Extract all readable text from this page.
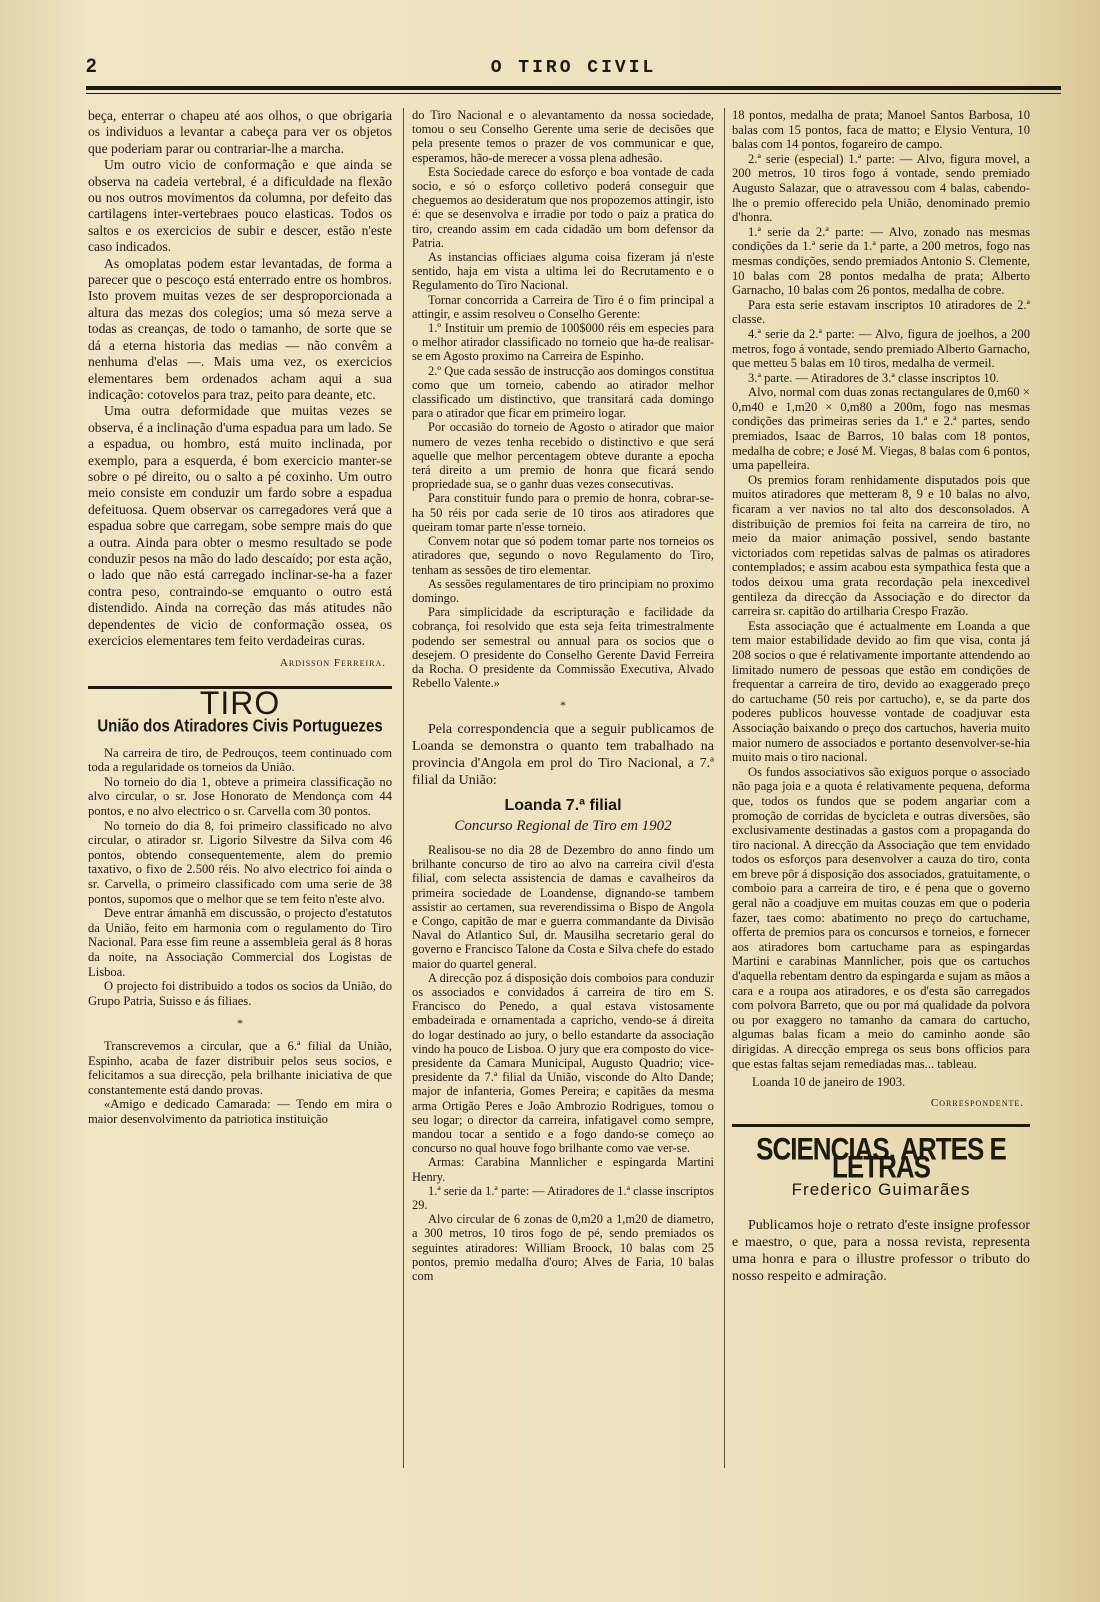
2	O TIRO CIVIL

beça, enterrar o chapeu até aos olhos, o que obrigaria os individuos a levantar a cabeça para ver os objetos que poderiam parar ou contrariar-lhe a marcha.

Um outro vicio de conformação e que ainda se observa na cadeia vertebral, é a dificuldade na flexão ou nos outros movimentos da columna, por defeito das cartilagens inter-vertebraes pouco elasticas. Todos os saltos e os exercicios de subir e descer, estão n'este caso indicados.

As omoplatas podem estar levantadas, de forma a parecer que o pescoço está enterrado entre os hombros. Isto provem muitas vezes de ser desproporcionada a altura das mezas dos colegios; uma só meza serve a todas as creanças, de todo o tamanho, de sorte que se dá a eterna historia das medias — não convêm a nenhuma d'elas —. Mais uma vez, os exercicios elementares bem ordenados acham aqui a sua indicação: cotovelos para traz, peito para deante, etc.

Uma outra deformidade que muitas vezes se observa, é a inclinação d'uma espadua para um lado. Se a espadua, ou hombro, está muito inclinada, por exemplo, para a esquerda, é bom exercicio manter-se sobre o pé direito, ou o salto a pé coxinho. Um outro meio consiste em conduzir um fardo sobre a espadua defeituosa. Quem observar os carregadores verá que a espadua sobre que carregam, sobe sempre mais do que a outra. Ainda para obter o mesmo resultado se pode conduzir pesos na mão do lado descaído; por esta ação, o lado que não está carregado inclinar-se-ha a fazer contra peso, contraindo-se emquanto o outro está distendido. Ainda na correção das más atitudes não dependentes de vicio de conformação ossea, os exercicios elementares tem feito verdadeiras curas.

Ardisson Ferreira.
TIRO
União dos Atiradores Civis Portuguezes

Na carreira de tiro, de Pedrouços, teem continuado com toda a regularidade os torneios da União.

No torneio do dia 1, obteve a primeira classificação no alvo circular, o sr. Jose Honorato de Mendonça com 44 pontos, e no alvo electrico o sr. Carvella com 30 pontos.

No torneio do dia 8, foi primeiro classificado no alvo circular, o atirador sr. Ligorio Silvestre da Silva com 46 pontos, obtendo consequentemente, alem do premio taxativo, o fixo de 2.500 réis. No alvo electrico foi ainda o sr. Carvella, o primeiro classificado com uma serie de 38 pontos, supomos que o melhor que se tem feito n'este alvo.

Deve entrar ámanhã em discussão, o projecto d'estatutos da União, feito em harmonia com o regulamento do Tiro Nacional. Para esse fim reune a assembleia geral ás 8 horas da noite, na Associação Commercial dos Logistas de Lisboa.

O projecto foi distribuido a todos os socios da União, do Grupo Patria, Suisso e ás filiaes.

*

Transcrevemos a circular, que a 6.ª filial da União, Espinho, acaba de fazer distribuir pelos seus socios, e felicitamos a sua direcção, pela brilhante iniciativa de que constantemente está dando provas.

«Amigo e dedicado Camarada: — Tendo em mira o maior desenvolvimento da patriotica instituição

do Tiro Nacional e o alevantamento da nossa sociedade, tomou o seu Conselho Gerente uma serie de decisões que pela presente temos o prazer de vos communicar e que, esperamos, hão-de merecer a vossa plena adhesão.

Esta Sociedade carece do esforço e boa vontade de cada socio, e só o esforço colletivo poderá conseguir que cheguemos ao desideratum que nos propozemos attingir, isto é: que se desenvolva e irradie por todo o paiz a pratica do tiro, creando assim em cada cidadão um bom defensor da Patria.

As instancias officiaes alguma coisa fizeram já n'este sentido, haja em vista a ultima lei do Recrutamento e o Regulamento do Tiro Nacional.

Tornar concorrida a Carreira de Tiro é o fim principal a attingir, e assim resolveu o Conselho Gerente:

1.º Instituir um premio de 100$000 réis em especies para o melhor atirador classificado no torneio que ha-de realisar-se em Agosto proximo na Carreira de Espinho.

2.º Que cada sessão de instrucção aos domingos constitua como que um torneio, cabendo ao atirador melhor classificado um distinctivo, que transitará cada domingo para o atirador que ficar em primeiro logar.

Por occasião do torneio de Agosto o atirador que maior numero de vezes tenha recebido o distinctivo e que será aquelle que melhor percentagem obteve durante a epocha terá direito a um premio de honra que ficará sendo propriedade sua, se o ganhr duas vezes consecutivas.

Para constituir fundo para o premio de honra, cobrar-se-ha 50 réis por cada serie de 10 tiros aos atiradores que queiram tomar parte n'esse torneio.

Convem notar que só podem tomar parte nos torneios os atiradores que, segundo o novo Regulamento do Tiro, tenham as sessões de tiro elementar.

As sessões regulamentares de tiro principiam no proximo domingo.

Para simplicidade da escripturação e facilidade da cobrança, foi resolvido que esta seja feita trimestralmente podendo ser semestral ou annual para os socios que o desejem. O presidente do Conselho Gerente David Ferreira da Rocha. O presidente da Commissão Executiva, Alvado Rebello Valente.»

*

Pela correspondencia que a seguir publicamos de Loanda se demonstra o quanto tem trabalhado na provincia d'Angola em prol do Tiro Nacional, a 7.ª filial da União:

Loanda 7.ª filial
Concurso Regional de Tiro em 1902

Realisou-se no dia 28 de Dezembro do anno findo um brilhante concurso de tiro ao alvo na carreira civil d'esta filial, com selecta assistencia de damas e cavalheiros da primeira sociedade de Loandense, dignando-se tambem assistir ao certamen, sua reverendissima o Bispo de Angola e Congo, capitão de mar e guerra commandante da Divisão Naval do Atlantico Sul, dr. Mausilha secretario geral do governo e Francisco Talone da Costa e Silva chefe do estado maior do quartel general.

A direcção poz á disposição dois comboios para conduzir os associados e convidados á carreira de tiro em S. Francisco do Penedo, a qual estava vistosamente embadeirada e ornamentada a capricho, vendo-se á direita do logar destinado ao jury, o bello estandarte da associação vindo ha pouco de Lisboa. O jury que era composto do vice-presidente da Camara Municipal, Augusto Quadrio; vice-presidente da 7.ª filial da União, visconde do Alto Dande; major de infanteria, Gomes Pereira; e capitães da mesma arma Ortigão Peres e João Ambrozio Rodrigues, tomou o seu logar; o director da carreira, infatigavel como sempre, mandou tocar a sentido e a fogo dando-se começo ao concurso no qual houve fogo brilhante como vae ver-se.

Armas: Carabina Mannlicher e espingarda Martini Henry.

1.ª serie da 1.ª parte: — Atiradores de 1.ª classe inscriptos 29.

Alvo circular de 6 zonas de 0,m20 a 1,m20 de diametro, a 300 metros, 10 tiros fogo de pé, sendo premiados os seguintes atiradores: William Broock, 10 balas com 25 pontos, premio medalha d'ouro; Alves de Faria, 10 balas com

18 pontos, medalha de prata; Manoel Santos Barbosa, 10 balas com 15 pontos, faca de matto; e Elysio Ventura, 10 balas com 14 pontos, fogareiro de campo.

2.ª serie (especial) 1.ª parte: — Alvo, figura movel, a 200 metros, 10 tiros fogo á vontade, sendo premiado Augusto Salazar, que o atravessou com 4 balas, cabendo-lhe o premio offerecido pela União, denominado premio d'honra.

1.ª serie da 2.ª parte: — Alvo, zonado nas mesmas condições da 1.ª serie da 1.ª parte, a 200 metros, fogo nas mesmas condições, sendo premiados Antonio S. Clemente, 10 balas com 28 pontos medalha de prata; Alberto Garnacho, 10 balas com 26 pontos, medalha de cobre.

Para esta serie estavam inscriptos 10 atiradores de 2.ª classe.

4.ª serie da 2.ª parte: — Alvo, figura de joelhos, a 200 metros, fogo á vontade, sendo premiado Alberto Garnacho, que metteu 5 balas em 10 tiros, medalha de vermeil.

3.ª parte. — Atiradores de 3.ª classe inscriptos 10.

Alvo, normal com duas zonas rectangulares de 0,m60 × 0,m40 e 1,m20 × 0,m80 a 200m, fogo nas mesmas condições das primeiras series da 1.ª e 2.ª partes, sendo premiados, Isaac de Barros, 10 balas com 18 pontos, medalha de cobre; e José M. Viegas, 8 balas com 6 pontos, uma papelleira.

Os premios foram renhidamente disputados pois que muitos atiradores que metteram 8, 9 e 10 balas no alvo, ficaram a ver navios no tal alto dos desconsolados. A distribuição de premios foi feita na carreira de tiro, no meio da maior animação possivel, sendo bastante victoriados com repetidas salvas de palmas os atiradores contemplados; e assim acabou esta sympathica festa que a todos deixou uma grata recordação pela inexcedivel gentileza da direcção da Associação e do director da carreira sr. capitão do artilharia Crespo Frazão.

Esta associação que é actualmente em Loanda a que tem maior estabilidade devido ao fim que visa, conta já 208 socios o que é relativamente importante attendendo ao limitado numero de pessoas que estão em condições de frequentar a carreira de tiro, devido ao exaggerado preço do cartuchame (50 reis por cartucho), e, se da parte dos poderes publicos houvesse vontade de coadjuvar esta Associação baixando o preço dos cartuchos, haveria muito maior numero de associados e portanto desenvolver-se-hia muito mais o tiro nacional.

Os fundos associativos são exiguos porque o associado não paga joia e a quota é relativamente pequena, deforma que, todos os fundos que se podem angariar com a promoção de corridas de bycicleta e outras diversões, são exclusivamente destinadas a gastos com a propaganda do tiro nacional. A direcção da Associação que tem envidado todos os esforços para desenvolver a cauza do tiro, conta em breve pôr á disposição dos associados, gratuitamente, o comboio para a carreira de tiro, e é pena que o governo geral não a coadjuve em muitas couzas em que o poderia fazer, taes como: abatimento no preço do cartuchame, offerta de premios para os concursos e torneios, e fornecer aos atiradores bom cartuchame para as espingardas Martini e carabinas Mannlicher, pois que os cartuchos d'aquella rebentam dentro da espingarda e sujam as mãos a cara e a roupa aos atiradores, e os d'esta são carregados com polvora Barreto, que ou por má qualidade da polvora ou por exaggero no tamanho da camara do cartucho, algumas balas ficam a meio do caminho aonde são dirigidas. A direcção emprega os seus bons officios para que estas faltas sejam remediadas mas... tableau.

Loanda 10 de janeiro de 1903.

Correspondente.
SCIENCIAS, ARTES E LETRAS
Frederico Guimarães

Publicamos hoje o retrato d'este insigne professor e maestro, o que, para a nossa revista, representa uma honra e para o illustre professor o tributo do nosso respeito e admiração.
